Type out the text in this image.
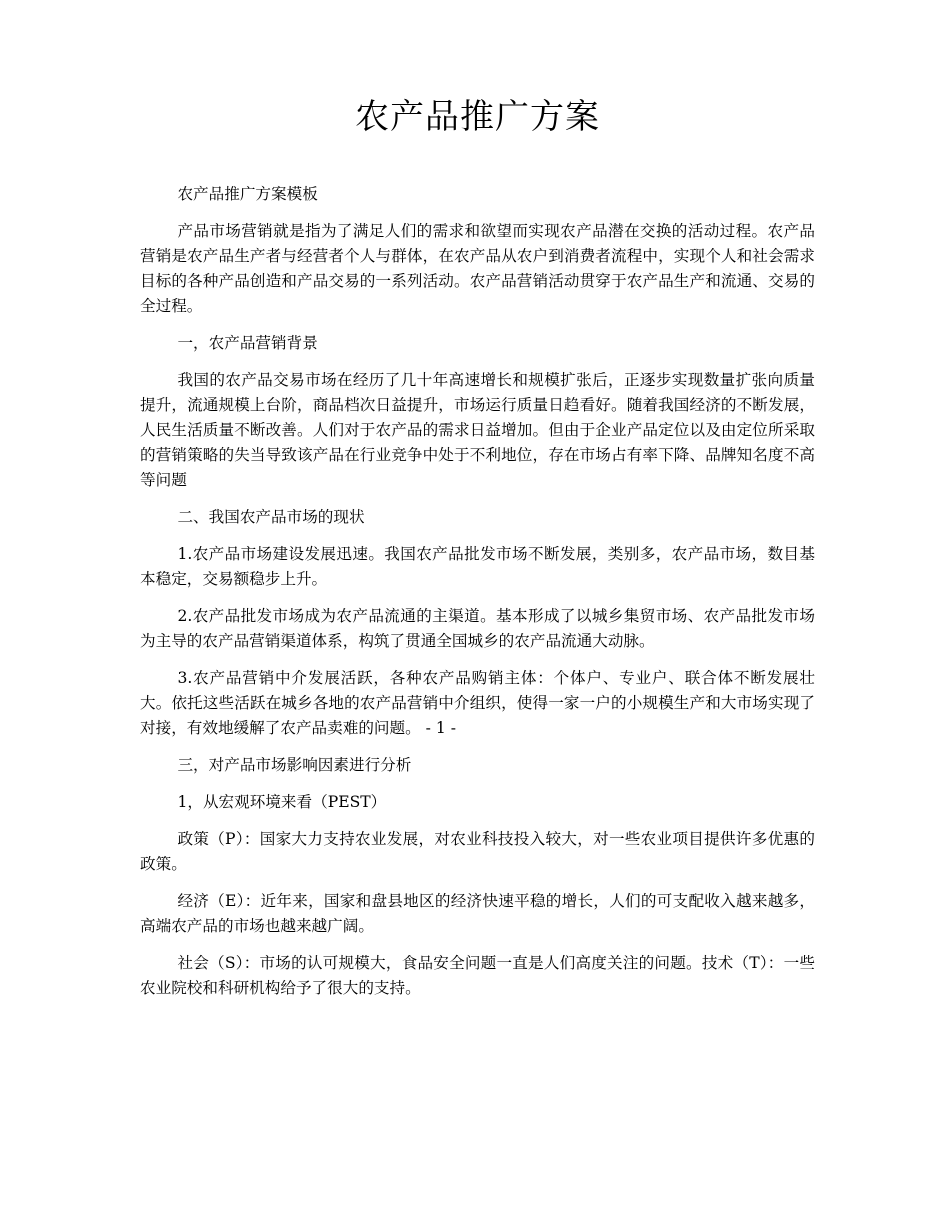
农产品推广方案

农产品推广方案模板

产品市场营销就是指为了满足人们的需求和欲望而实现农产品潜在交换的活动过程。农产品营销是农产品生产者与经营者个人与群体，在农产品从农户到消费者流程中，实现个人和社会需求目标的各种产品创造和产品交易的一系列活动。农产品营销活动贯穿于农产品生产和流通、交易的全过程。

一，农产品营销背景

我国的农产品交易市场在经历了几十年高速增长和规模扩张后，正逐步实现数量扩张向质量提升，流通规模上台阶，商品档次日益提升，市场运行质量日趋看好。随着我国经济的不断发展，人民生活质量不断改善。人们对于农产品的需求日益增加。但由于企业产品定位以及由定位所采取的营销策略的失当导致该产品在行业竞争中处于不利地位，存在市场占有率下降、品牌知名度不高等问题

二、我国农产品市场的现状

1.农产品市场建设发展迅速。我国农产品批发市场不断发展，类别多，农产品市场，数目基本稳定，交易额稳步上升。

2.农产品批发市场成为农产品流通的主渠道。基本形成了以城乡集贸市场、农产品批发市场为主导的农产品营销渠道体系，构筑了贯通全国城乡的农产品流通大动脉。

3.农产品营销中介发展活跃，各种农产品购销主体：个体户、专业户、联合体不断发展壮大。依托这些活跃在城乡各地的农产品营销中介组织，使得一家一户的小规模生产和大市场实现了对接，有效地缓解了农产品卖难的问题。 - 1 -

三，对产品市场影响因素进行分析

1，从宏观环境来看（PEST）

政策（P）：国家大力支持农业发展，对农业科技投入较大，对一些农业项目提供许多优惠的政策。

经济（E）：近年来，国家和盘县地区的经济快速平稳的增长，人们的可支配收入越来越多，高端农产品的市场也越来越广阔。

社会（S）：市场的认可规模大，食品安全问题一直是人们高度关注的问题。技术（T）：一些农业院校和科研机构给予了很大的支持。
